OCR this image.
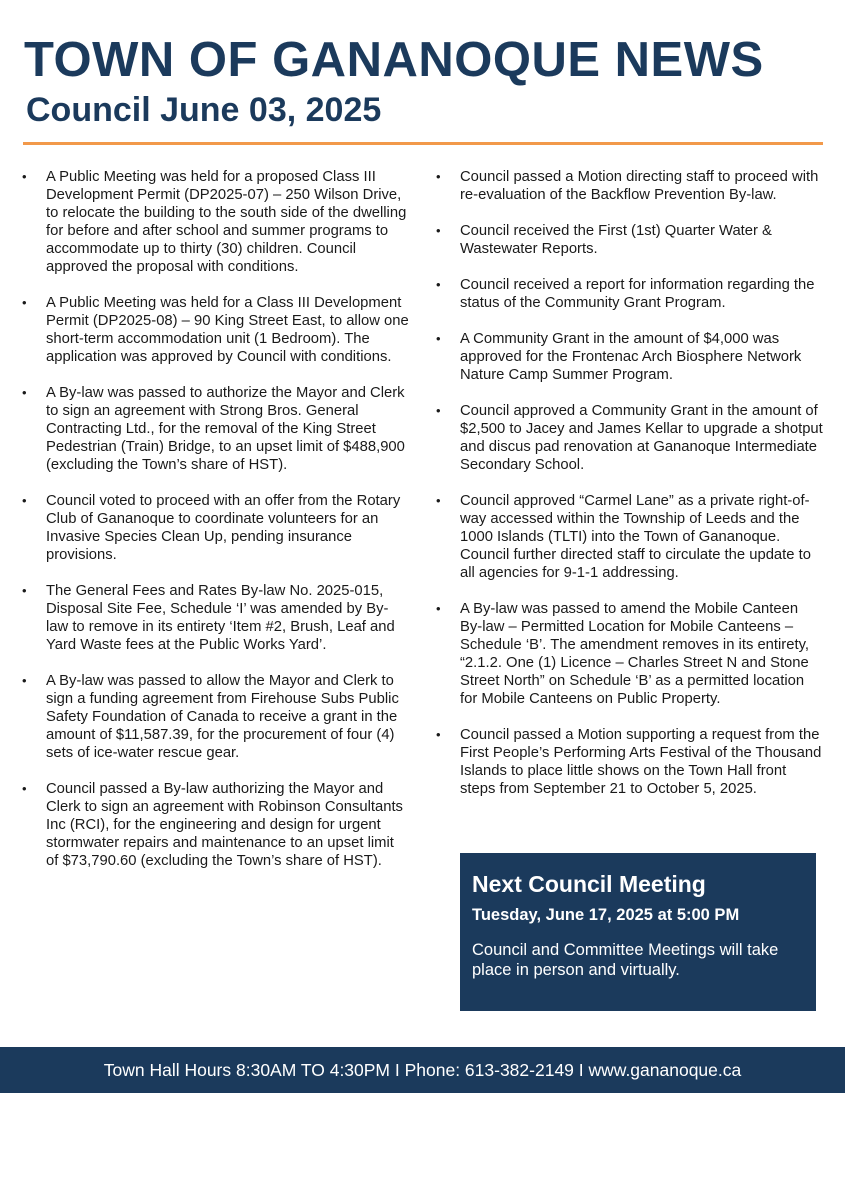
TOWN OF GANANOQUE NEWS
Council June 03, 2025
• A Public Meeting was held for a proposed Class III Development Permit (DP2025-07) – 250 Wilson Drive, to relocate the building to the south side of the dwelling for before and after school and summer programs to accommodate up to thirty (30) children. Council approved the proposal with conditions.
• A Public Meeting was held for a Class III Development Permit (DP2025-08) – 90 King Street East, to allow one short-term accommodation unit (1 Bedroom). The application was approved by Council with conditions.
• A By-law was passed to authorize the Mayor and Clerk to sign an agreement with Strong Bros. General Contracting Ltd., for the removal of the King Street Pedestrian (Train) Bridge, to an upset limit of $488,900 (excluding the Town’s share of HST).
• Council voted to proceed with an offer from the Rotary Club of Gananoque to coordinate volunteers for an Invasive Species Clean Up, pending insurance provisions.
• The General Fees and Rates By-law No. 2025-015, Disposal Site Fee, Schedule ‘I’ was amended by By-law to remove in its entirety ‘Item #2, Brush, Leaf and Yard Waste fees at the Public Works Yard’.
• A By-law was passed to allow the Mayor and Clerk to sign a funding agreement from Firehouse Subs Public Safety Foundation of Canada to receive a grant in the amount of $11,587.39, for the procurement of four (4) sets of ice-water rescue gear.
• Council passed a By-law authorizing the Mayor and Clerk to sign an agreement with Robinson Consultants Inc (RCI), for the engineering and design for urgent stormwater repairs and maintenance to an upset limit of $73,790.60 (excluding the Town’s share of HST).
• Council passed a Motion directing staff to proceed with re-evaluation of the Backflow Prevention By-law.
• Council received the First (1st) Quarter Water & Wastewater Reports.
• Council received a report for information regarding the status of the Community Grant Program.
• A Community Grant in the amount of $4,000 was approved for the Frontenac Arch Biosphere Network Nature Camp Summer Program.
• Council approved a Community Grant in the amount of $2,500 to Jacey and James Kellar to upgrade a shotput and discus pad renovation at Gananoque Intermediate Secondary School.
• Council approved “Carmel Lane” as a private right-of-way accessed within the Township of Leeds and the 1000 Islands (TLTI) into the Town of Gananoque. Council further directed staff to circulate the update to all agencies for 9-1-1 addressing.
• A By-law was passed to amend the Mobile Canteen By-law – Permitted Location for Mobile Canteens – Schedule ‘B’. The amendment removes in its entirety, “2.1.2. One (1) Licence – Charles Street N and Stone Street North” on Schedule ‘B’ as a permitted location for Mobile Canteens on Public Property.
• Council passed a Motion supporting a request from the First People’s Performing Arts Festival of the Thousand Islands to place little shows on the Town Hall front steps from September 21 to October 5, 2025.

Next Council Meeting

Tuesday, June 17, 2025 at 5:00 PM

Council and Committee Meetings will take place in person and virtually.

Town Hall Hours 8:30AM TO 4:30PM I Phone: 613-382-2149 I www.gananoque.ca
